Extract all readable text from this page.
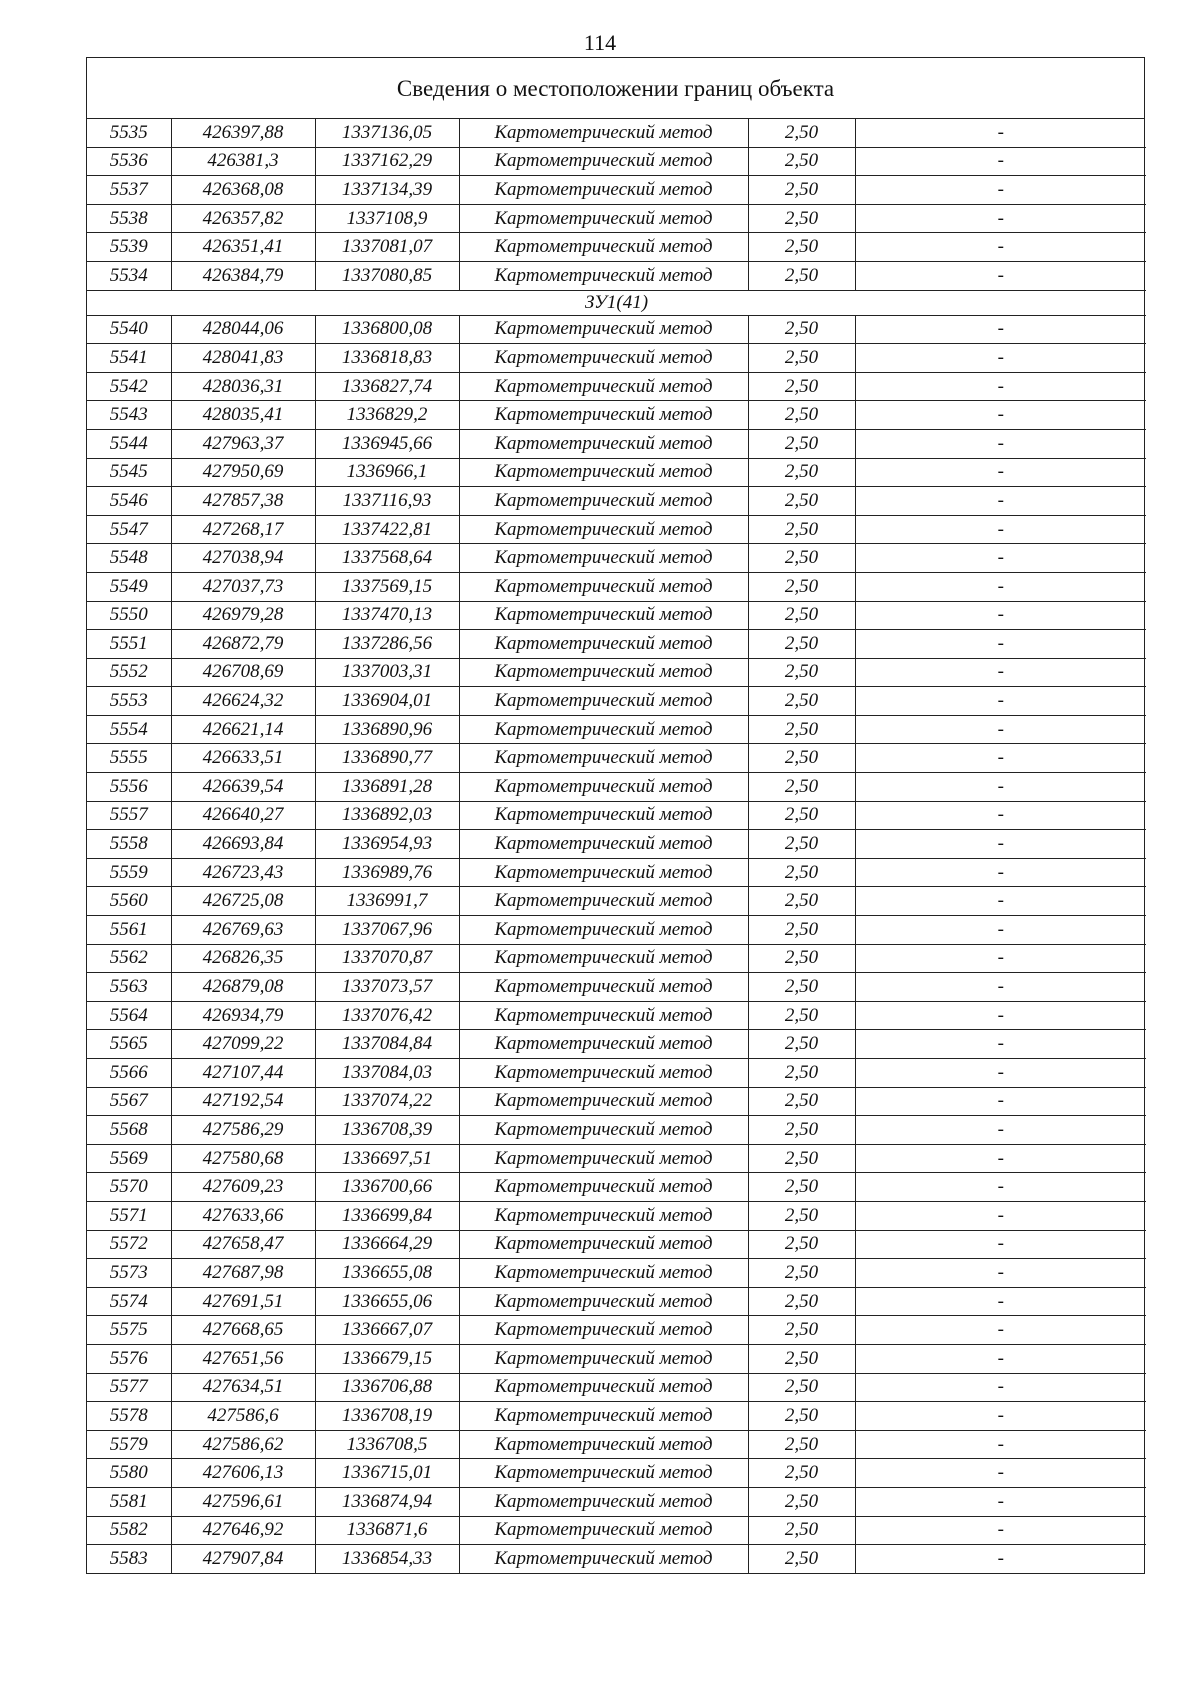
114
Сведения о местоположении границ объекта
5535	426397,88	1337136,05	Картометрический метод	2,50	-
5536	426381,3	1337162,29	Картометрический метод	2,50	-
5537	426368,08	1337134,39	Картометрический метод	2,50	-
5538	426357,82	1337108,9	Картометрический метод	2,50	-
5539	426351,41	1337081,07	Картометрический метод	2,50	-
5534	426384,79	1337080,85	Картометрический метод	2,50	-
ЗУ1(41)					
5540	428044,06	1336800,08	Картометрический метод	2,50	-
5541	428041,83	1336818,83	Картометрический метод	2,50	-
5542	428036,31	1336827,74	Картометрический метод	2,50	-
5543	428035,41	1336829,2	Картометрический метод	2,50	-
5544	427963,37	1336945,66	Картометрический метод	2,50	-
5545	427950,69	1336966,1	Картометрический метод	2,50	-
5546	427857,38	1337116,93	Картометрический метод	2,50	-
5547	427268,17	1337422,81	Картометрический метод	2,50	-
5548	427038,94	1337568,64	Картометрический метод	2,50	-
5549	427037,73	1337569,15	Картометрический метод	2,50	-
5550	426979,28	1337470,13	Картометрический метод	2,50	-
5551	426872,79	1337286,56	Картометрический метод	2,50	-
5552	426708,69	1337003,31	Картометрический метод	2,50	-
5553	426624,32	1336904,01	Картометрический метод	2,50	-
5554	426621,14	1336890,96	Картометрический метод	2,50	-
5555	426633,51	1336890,77	Картометрический метод	2,50	-
5556	426639,54	1336891,28	Картометрический метод	2,50	-
5557	426640,27	1336892,03	Картометрический метод	2,50	-
5558	426693,84	1336954,93	Картометрический метод	2,50	-
5559	426723,43	1336989,76	Картометрический метод	2,50	-
5560	426725,08	1336991,7	Картометрический метод	2,50	-
5561	426769,63	1337067,96	Картометрический метод	2,50	-
5562	426826,35	1337070,87	Картометрический метод	2,50	-
5563	426879,08	1337073,57	Картометрический метод	2,50	-
5564	426934,79	1337076,42	Картометрический метод	2,50	-
5565	427099,22	1337084,84	Картометрический метод	2,50	-
5566	427107,44	1337084,03	Картометрический метод	2,50	-
5567	427192,54	1337074,22	Картометрический метод	2,50	-
5568	427586,29	1336708,39	Картометрический метод	2,50	-
5569	427580,68	1336697,51	Картометрический метод	2,50	-
5570	427609,23	1336700,66	Картометрический метод	2,50	-
5571	427633,66	1336699,84	Картометрический метод	2,50	-
5572	427658,47	1336664,29	Картометрический метод	2,50	-
5573	427687,98	1336655,08	Картометрический метод	2,50	-
5574	427691,51	1336655,06	Картометрический метод	2,50	-
5575	427668,65	1336667,07	Картометрический метод	2,50	-
5576	427651,56	1336679,15	Картометрический метод	2,50	-
5577	427634,51	1336706,88	Картометрический метод	2,50	-
5578	427586,6	1336708,19	Картометрический метод	2,50	-
5579	427586,62	1336708,5	Картометрический метод	2,50	-
5580	427606,13	1336715,01	Картометрический метод	2,50	-
5581	427596,61	1336874,94	Картометрический метод	2,50	-
5582	427646,92	1336871,6	Картометрический метод	2,50	-
5583	427907,84	1336854,33	Картометрический метод	2,50	-
